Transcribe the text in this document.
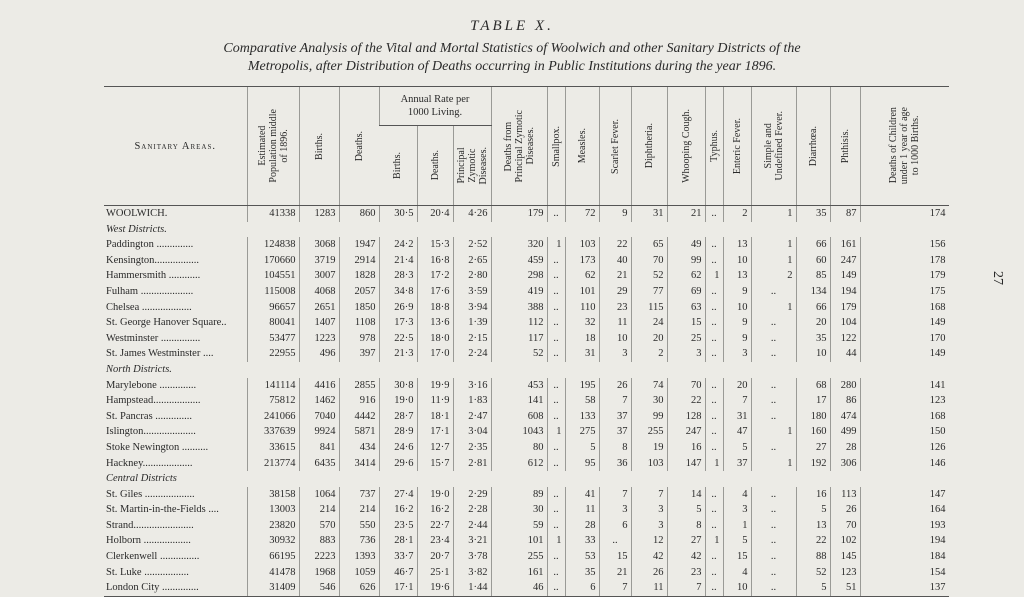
TABLE X.
Comparative Analysis of the Vital and Mortal Statistics of Woolwich and other Sanitary Districts of the
Metropolis, after Distribution of Deaths occurring in Public Institutions during the year 1896.
27
Sanitary Areas.	Estimated
Population middle
of 1896.	Births.	Deaths.	Annual Rate per
1000 Living.			Deaths from
Principal Zymotic
Diseases.	Smallpox.	Measles.	Scarlet Fever.	Diphtheria.	Whooping Cough.	Typhus.	Enteric Fever.	Simple and
Undefined Fever.	Diarrhœa.	Phthisis.	Deaths of Children
under 1 year of age
to 1000 Births.

				Births.	Deaths.	Principal
Zymotic
Diseases.												

WOOLWICH.	41338	1283	860	30·5	20·4	4·26	179	..	72	9	31	21	..	2	1	35	87	174
West Districts.																		
Paddington ..............	124838	3068	1947	24·2	15·3	2·52	320	1	103	22	65	49	..	13	1	66	161	156
Kensington.................	170660	3719	2914	21·4	16·8	2·65	459	..	173	40	70	99	..	10	1	60	247	178
Hammersmith ............	104551	3007	1828	28·3	17·2	2·80	298	..	62	21	52	62	1	13	2	85	149	179
Fulham ....................	115008	4068	2057	34·8	17·6	3·59	419	..	101	29	77	69	..	9	..	134	194	175
Chelsea ...................	96657	2651	1850	26·9	18·8	3·94	388	..	110	23	115	63	..	10	1	66	179	168
St. George Hanover Square..	80041	1407	1108	17·3	13·6	1·39	112	..	32	11	24	15	..	9	..	20	104	149
Westminster ...............	53477	1223	978	22·5	18·0	2·15	117	..	18	10	20	25	..	9	..	35	122	170
St. James Westminster ....	22955	496	397	21·3	17·0	2·24	52	..	31	3	2	3	..	3	..	10	44	149
North Districts.																		
Marylebone ..............	141114	4416	2855	30·8	19·9	3·16	453	..	195	26	74	70	..	20	..	68	280	141
Hampstead..................	75812	1462	916	19·0	11·9	1·83	141	..	58	7	30	22	..	7	..	17	86	123
St. Pancras ..............	241066	7040	4442	28·7	18·1	2·47	608	..	133	37	99	128	..	31	..	180	474	168
Islington....................	337639	9924	5871	28·9	17·1	3·04	1043	1	275	37	255	247	..	47	1	160	499	150
Stoke Newington ..........	33615	841	434	24·6	12·7	2·35	80	..	5	8	19	16	..	5	..	27	28	126
Hackney...................	213774	6435	3414	29·6	15·7	2·81	612	..	95	36	103	147	1	37	1	192	306	146
Central Districts																		
St. Giles ...................	38158	1064	737	27·4	19·0	2·29	89	..	41	7	7	14	..	4	..	16	113	147
St. Martin-in-the-Fields ....	13003	214	214	16·2	16·2	2·28	30	..	11	3	3	5	..	3	..	5	26	164
Strand.......................	23820	570	550	23·5	22·7	2·44	59	..	28	6	3	8	..	1	..	13	70	193
Holborn ..................	30932	883	736	28·1	23·4	3·21	101	1	33	..	12	27	1	5	..	22	102	194
Clerkenwell ...............	66195	2223	1393	33·7	20·7	3·78	255	..	53	15	42	42	..	15	..	88	145	184
St. Luke .................	41478	1968	1059	46·7	25·1	3·82	161	..	35	21	26	23	..	4	..	52	123	154
London City ..............	31409	546	626	17·1	19·6	1·44	46	..	6	7	11	7	..	10	..	5	51	137
